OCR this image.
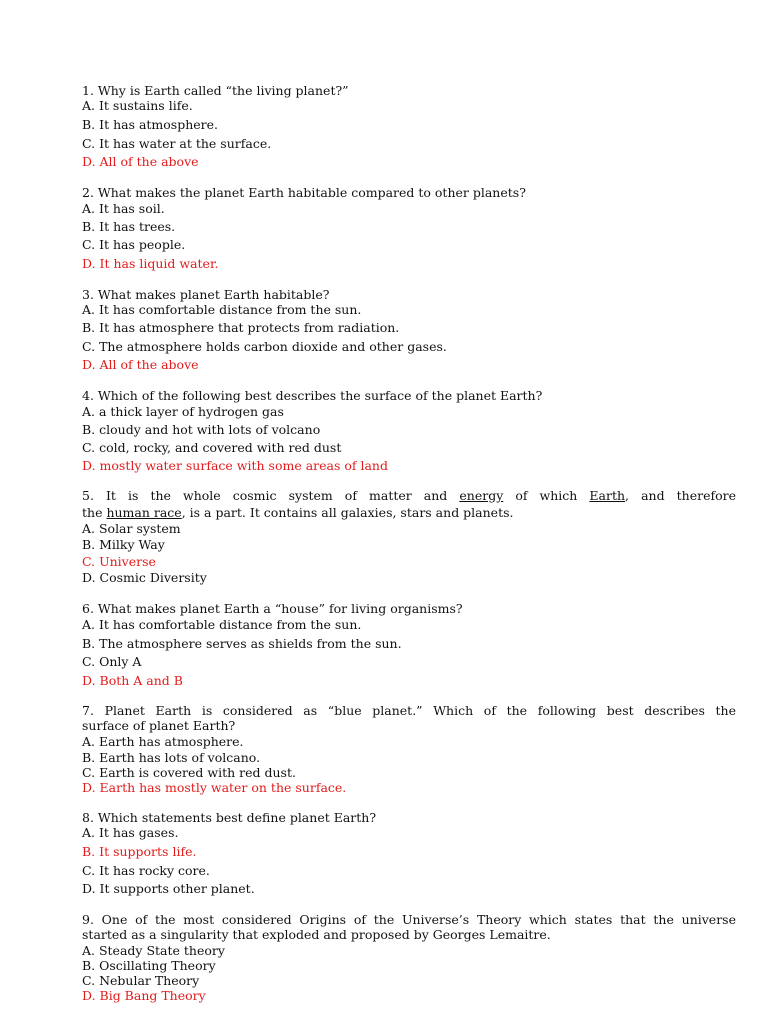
1. Why is Earth called “the living planet?”
A. It sustains life.
B. It has atmosphere.
C. It has water at the surface.
D. All of the above
2. What makes the planet Earth habitable compared to other planets?
A. It has soil.
B. It has trees.
C. It has people.
D. It has liquid water.
3. What makes planet Earth habitable?
A. It has comfortable distance from the sun.
B. It has atmosphere that protects from radiation.
C. The atmosphere holds carbon dioxide and other gases.
D. All of the above
4. Which of the following best describes the surface of the planet Earth?
A. a thick layer of hydrogen gas
B. cloudy and hot with lots of volcano
C. cold, rocky, and covered with red dust
D. mostly water surface with some areas of land
5. It is the whole cosmic system of matter and energy of which Earth, and therefore
the human race, is a part. It contains all galaxies, stars and planets.
A. Solar system
B. Milky Way
C. Universe
D. Cosmic Diversity
6. What makes planet Earth a “house” for living organisms?
A. It has comfortable distance from the sun.
B. The atmosphere serves as shields from the sun.
C. Only A
D. Both A and B
7. Planet Earth is considered as “blue planet.” Which of the following best describes the
surface of planet Earth?
A. Earth has atmosphere.
B. Earth has lots of volcano.
C. Earth is covered with red dust.
D. Earth has mostly water on the surface.
8. Which statements best define planet Earth?
A. It has gases.
B. It supports life.
C. It has rocky core.
D. It supports other planet.
9. One of the most considered Origins of the Universe’s Theory which states that the universe
started as a singularity that exploded and proposed by Georges Lemaitre.
A. Steady State theory
B. Oscillating Theory
C. Nebular Theory
D. Big Bang Theory
